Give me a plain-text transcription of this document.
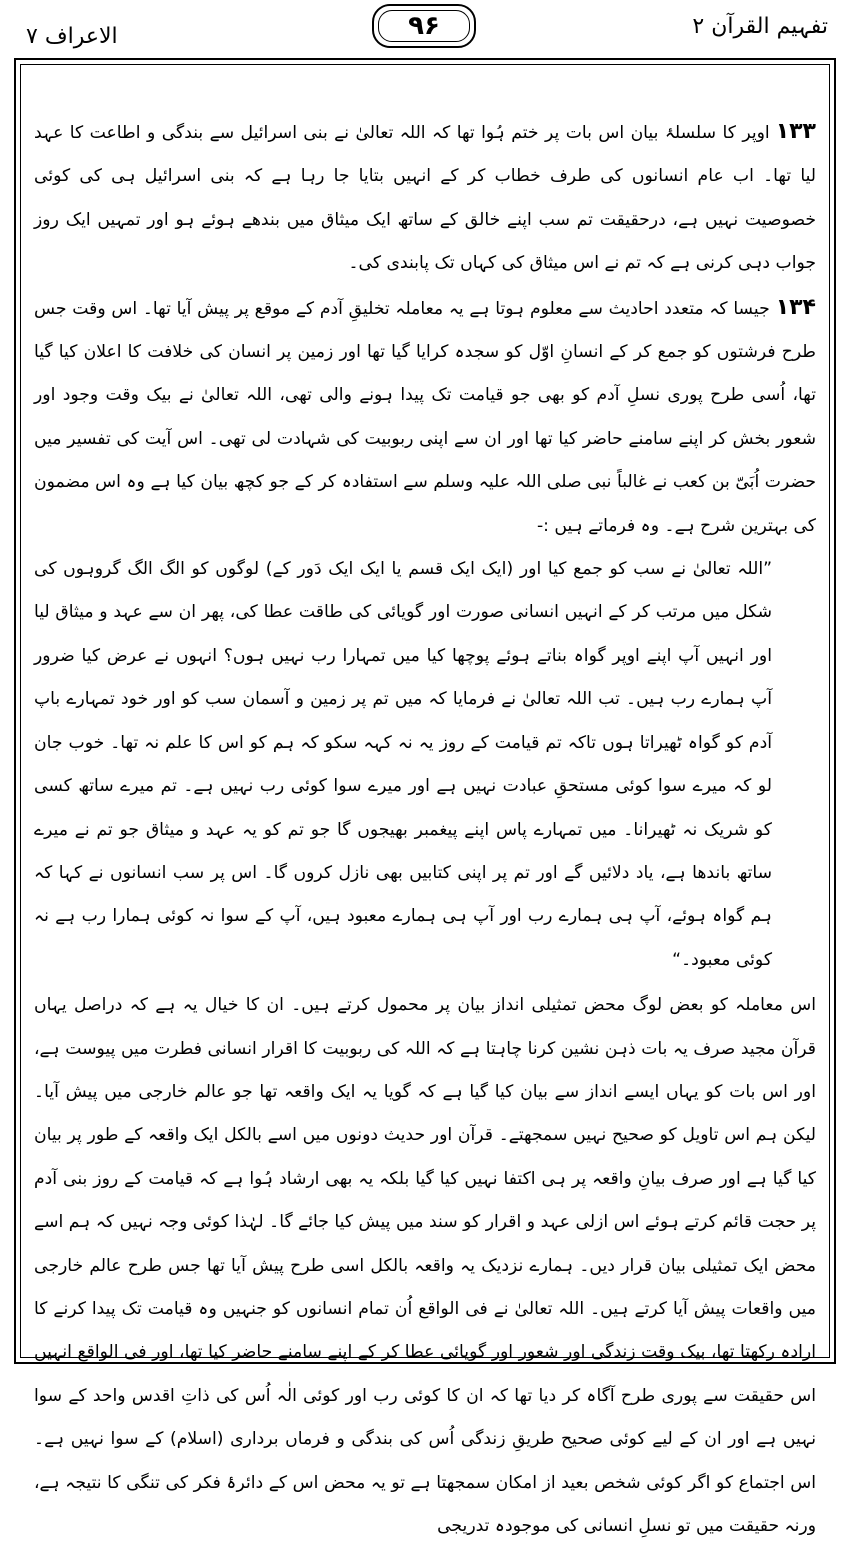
تفہیم القرآن ۲
۹۶
الاعراف ۷

۱۳۳اوپر کا سلسلۂ بیان اس بات پر ختم ہُوا تھا کہ اللہ تعالیٰ نے بنی اسرائیل سے بندگی و اطاعت کا عہد لیا تھا۔ اب عام انسانوں کی طرف خطاب کر کے انہیں بتایا جا رہا ہے کہ بنی اسرائیل ہی کی کوئی خصوصیت نہیں ہے، درحقیقت تم سب اپنے خالق کے ساتھ ایک میثاق میں بندھے ہوئے ہو اور تمہیں ایک روز جواب دہی کرنی ہے کہ تم نے اس میثاق کی کہاں تک پابندی کی۔

۱۳۴جیسا کہ متعدد احادیث سے معلوم ہوتا ہے یہ معاملہ تخلیقِ آدم کے موقع پر پیش آیا تھا۔ اس وقت جس طرح فرشتوں کو جمع کر کے انسانِ اوّل کو سجدہ کرایا گیا تھا اور زمین پر انسان کی خلافت کا اعلان کیا گیا تھا، اُسی طرح پوری نسلِ آدم کو بھی جو قیامت تک پیدا ہونے والی تھی، اللہ تعالیٰ نے بیک وقت وجود اور شعور بخش کر اپنے سامنے حاضر کیا تھا اور ان سے اپنی ربوبیت کی شہادت لی تھی۔ اس آیت کی تفسیر میں حضرت اُبَیّ بن کعب نے غالباً نبی صلی اللہ علیہ وسلم سے استفادہ کر کے جو کچھ بیان کیا ہے وہ اس مضمون کی بہترین شرح ہے۔ وہ فرماتے ہیں :-

”اللہ تعالیٰ نے سب کو جمع کیا اور (ایک ایک قسم یا ایک ایک دَور کے) لوگوں کو الگ الگ گروہوں کی شکل میں مرتب کر کے انہیں انسانی صورت اور گویائی کی طاقت عطا کی، پھر ان سے عہد و میثاق لیا اور انہیں آپ اپنے اوپر گواہ بناتے ہوئے پوچھا کیا میں تمہارا رب نہیں ہوں؟ انہوں نے عرض کیا ضرور آپ ہمارے رب ہیں۔ تب اللہ تعالیٰ نے فرمایا کہ میں تم پر زمین و آسمان سب کو اور خود تمہارے باپ آدم کو گواہ ٹھیراتا ہوں تاکہ تم قیامت کے روز یہ نہ کہہ سکو کہ ہم کو اس کا علم نہ تھا۔ خوب جان لو کہ میرے سوا کوئی مستحقِ عبادت نہیں ہے اور میرے سوا کوئی رب نہیں ہے۔ تم میرے ساتھ کسی کو شریک نہ ٹھیرانا۔ میں تمہارے پاس اپنے پیغمبر بھیجوں گا جو تم کو یہ عہد و میثاق جو تم نے میرے ساتھ باندھا ہے، یاد دلائیں گے اور تم پر اپنی کتابیں بھی نازل کروں گا۔ اس پر سب انسانوں نے کہا کہ ہم گواہ ہوئے، آپ ہی ہمارے رب اور آپ ہی ہمارے معبود ہیں، آپ کے سوا نہ کوئی ہمارا رب ہے نہ کوئی معبود۔“

اس معاملہ کو بعض لوگ محض تمثیلی انداز بیان پر محمول کرتے ہیں۔ ان کا خیال یہ ہے کہ دراصل یہاں قرآن مجید صرف یہ بات ذہن نشین کرنا چاہتا ہے کہ اللہ کی ربوبیت کا اقرار انسانی فطرت میں پیوست ہے، اور اس بات کو یہاں ایسے انداز سے بیان کیا گیا ہے کہ گویا یہ ایک واقعہ تھا جو عالم خارجی میں پیش آیا۔ لیکن ہم اس تاویل کو صحیح نہیں سمجھتے۔ قرآن اور حدیث دونوں میں اسے بالکل ایک واقعہ کے طور پر بیان کیا گیا ہے اور صرف بیانِ واقعہ پر ہی اکتفا نہیں کیا گیا بلکہ یہ بھی ارشاد ہُوا ہے کہ قیامت کے روز بنی آدم پر حجت قائم کرتے ہوئے اس ازلی عہد و اقرار کو سند میں پیش کیا جائے گا۔ لہٰذا کوئی وجہ نہیں کہ ہم اسے محض ایک تمثیلی بیان قرار دیں۔ ہمارے نزدیک یہ واقعہ بالکل اسی طرح پیش آیا تھا جس طرح عالم خارجی میں واقعات پیش آیا کرتے ہیں۔ اللہ تعالیٰ نے فی الواقع اُن تمام انسانوں کو جنہیں وہ قیامت تک پیدا کرنے کا ارادہ رکھتا تھا، بیک وقت زندگی اور شعور اور گویائی عطا کر کے اپنے سامنے حاضر کیا تھا، اور فی الواقع انہیں اس حقیقت سے پوری طرح آگاہ کر دیا تھا کہ ان کا کوئی رب اور کوئی الٰہ اُس کی ذاتِ اقدس واحد کے سوا نہیں ہے اور ان کے لیے کوئی صحیح طریقِ زندگی اُس کی بندگی و فرماں برداری (اسلام) کے سوا نہیں ہے۔ اس اجتماع کو اگر کوئی شخص بعید از امکان سمجھتا ہے تو یہ محض اس کے دائرۂ فکر کی تنگی کا نتیجہ ہے، ورنہ حقیقت میں تو نسلِ انسانی کی موجودہ تدریجی
